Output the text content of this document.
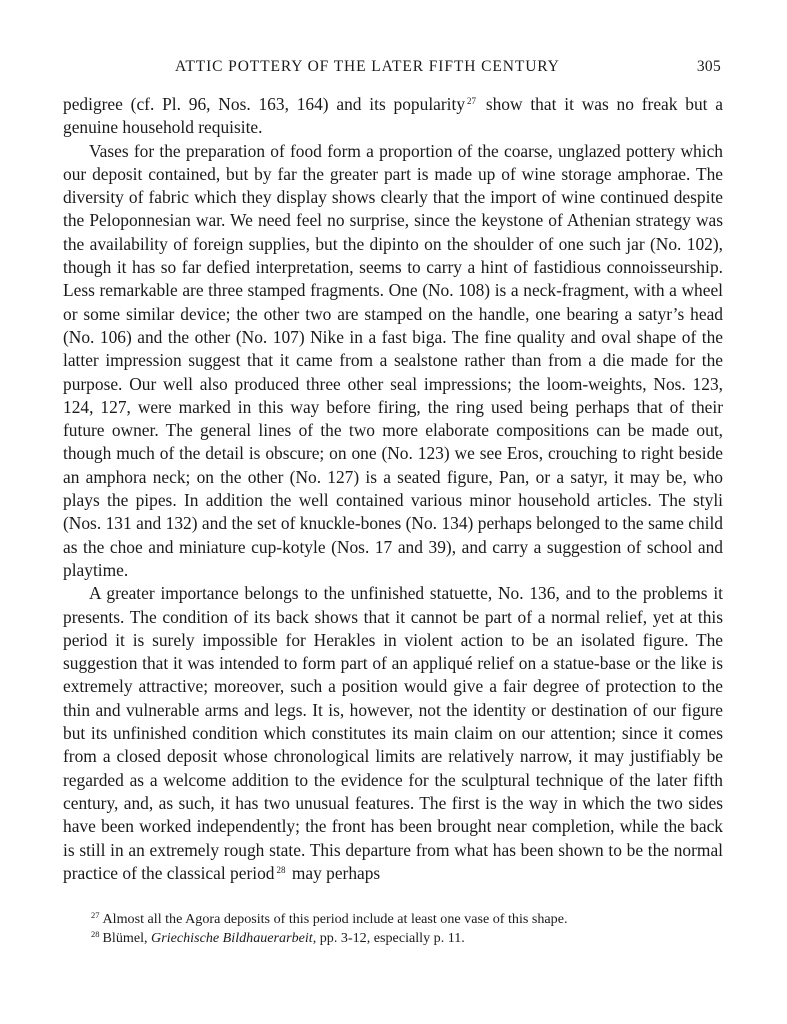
ATTIC POTTERY OF THE LATER FIFTH CENTURY	305

pedigree (cf. Pl. 96, Nos. 163, 164) and its popularity $^{27}$ show that it was no freak but a genuine household requisite.

Vases for the preparation of food form a proportion of the coarse, unglazed pottery which our deposit contained, but by far the greater part is made up of wine storage amphorae. The diversity of fabric which they display shows clearly that the import of wine continued despite the Peloponnesian war. We need feel no surprise, since the keystone of Athenian strategy was the availability of foreign supplies, but the dipinto on the shoulder of one such jar (No. 102), though it has so far defied interpretation, seems to carry a hint of fastidious connoisseurship. Less remarkable are three stamped fragments. One (No. 108) is a neck-fragment, with a wheel or some similar device; the other two are stamped on the handle, one bearing a satyr’s head (No. 106) and the other (No. 107) Nike in a fast biga. The fine quality and oval shape of the latter impression suggest that it came from a sealstone rather than from a die made for the purpose. Our well also produced three other seal impressions; the loom-weights, Nos. 123, 124, 127, were marked in this way before firing, the ring used being perhaps that of their future owner. The general lines of the two more elaborate compositions can be made out, though much of the detail is obscure; on one (No. 123) we see Eros, crouching to right beside an amphora neck; on the other (No. 127) is a seated figure, Pan, or a satyr, it may be, who plays the pipes. In addition the well contained various minor household articles. The styli (Nos. 131 and 132) and the set of knuckle-bones (No. 134) perhaps belonged to the same child as the choe and miniature cup-kotyle (Nos. 17 and 39), and carry a suggestion of school and playtime.

A greater importance belongs to the unfinished statuette, No. 136, and to the problems it presents. The condition of its back shows that it cannot be part of a normal relief, yet at this period it is surely impossible for Herakles in violent action to be an isolated figure. The suggestion that it was intended to form part of an appliqué relief on a statue-base or the like is extremely attractive; moreover, such a position would give a fair degree of protection to the thin and vulnerable arms and legs. It is, however, not the identity or destination of our figure but its unfinished condition which constitutes its main claim on our attention; since it comes from a closed deposit whose chronological limits are relatively narrow, it may justifiably be regarded as a welcome addition to the evidence for the sculptural technique of the later fifth century, and, as such, it has two unusual features. The first is the way in which the two sides have been worked independently; the front has been brought near completion, while the back is still in an extremely rough state. This departure from what has been shown to be the normal practice of the classical period $^{28}$ may perhaps

$^{27}$ Almost all the Agora deposits of this period include at least one vase of this shape.

$^{28}$ Blümel, Griechische Bildhauerarbeit, pp. 3-12, especially p. 11.
